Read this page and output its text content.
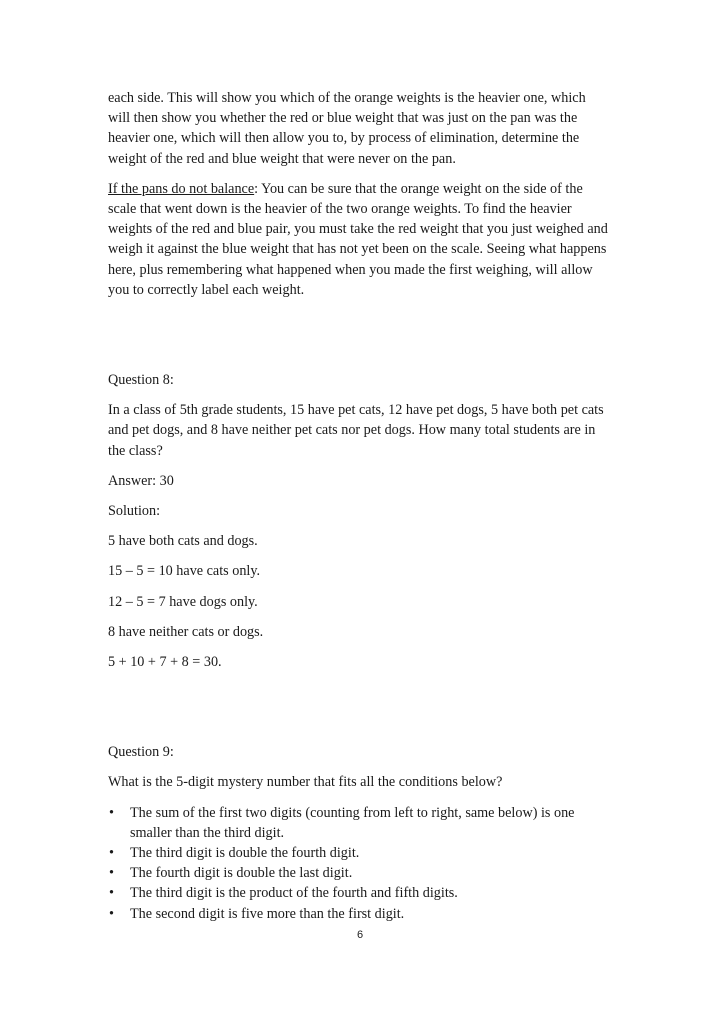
each side. This will show you which of the orange weights is the heavier one, which will then show you whether the red or blue weight that was just on the pan was the heavier one, which will then allow you to, by process of elimination, determine the weight of the red and blue weight that were never on the pan.

If the pans do not balance: You can be sure that the orange weight on the side of the scale that went down is the heavier of the two orange weights. To find the heavier weights of the red and blue pair, you must take the red weight that you just weighed and weigh it against the blue weight that has not yet been on the scale. Seeing what happens here, plus remembering what happened when you made the first weighing, will allow you to correctly label each weight.

Question 8:

In a class of 5th grade students, 15 have pet cats, 12 have pet dogs, 5 have both pet cats and pet dogs, and 8 have neither pet cats nor pet dogs. How many total students are in the class?

Answer: 30

Solution:

5 have both cats and dogs.

15 – 5 = 10 have cats only.

12 – 5 = 7 have dogs only.

8 have neither cats or dogs.

5 + 10 + 7 + 8 = 30.

Question 9:

What is the 5-digit mystery number that fits all the conditions below?

• The sum of the first two digits (counting from left to right, same below) is one smaller than the third digit.
• The third digit is double the fourth digit.
• The fourth digit is double the last digit.
• The third digit is the product of the fourth and fifth digits.
• The second digit is five more than the first digit.
6
